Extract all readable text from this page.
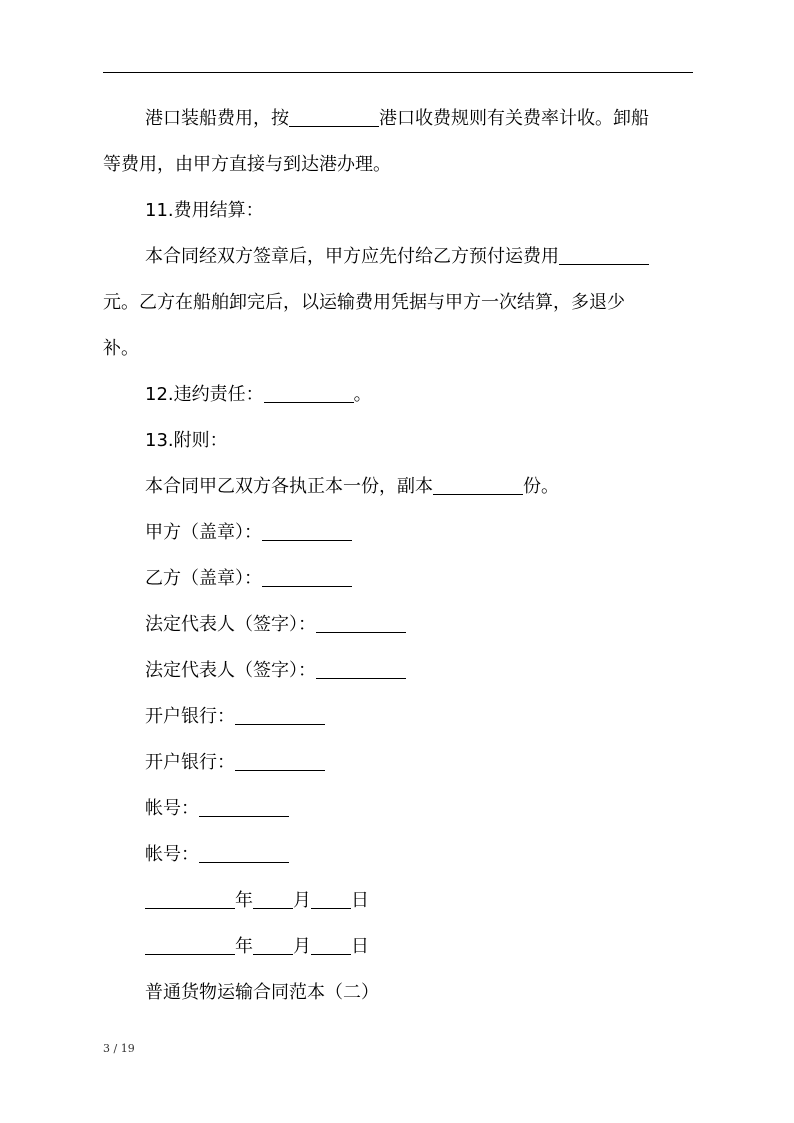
港口装船费用，按	港口收费规则有关费率计收。卸船
等费用，由甲方直接与到达港办理。
11.费用结算：
本合同经双方签章后，甲方应先付给乙方预付运费用
元。乙方在船舶卸完后，以运输费用凭据与甲方一次结算，多退少
补。
12.违约责任：	。
13.附则：
本合同甲乙双方各执正本一份，副本	份。
甲方（盖章）：
乙方（盖章）：
法定代表人（签字）：
法定代表人（签字）：
开户银行：
开户银行：
帐号：
帐号：
年 月 日
年 月 日
普通货物运输合同范本（二）
3 / 19
